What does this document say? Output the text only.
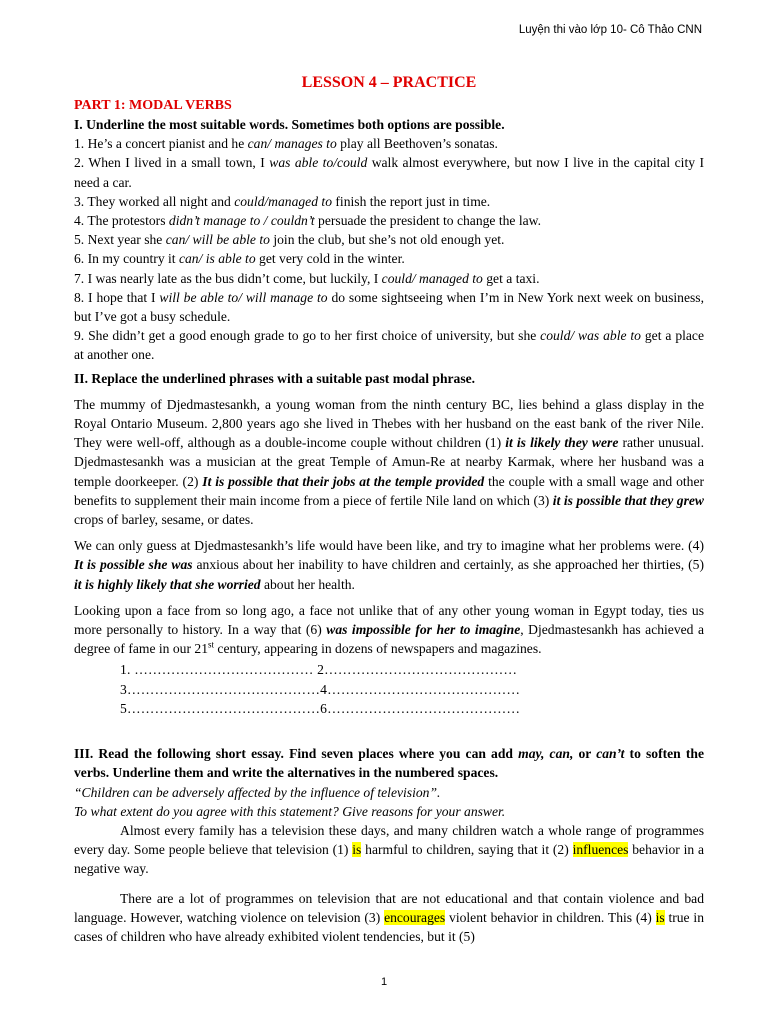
Luyện thi vào lớp 10- Cô Thảo CNN

LESSON 4 – PRACTICE

PART 1: MODAL VERBS

I. Underline the most suitable words. Sometimes both options are possible.

1. He’s a concert pianist and he can/ manages to play all Beethoven’s sonatas.

2. When I lived in a small town, I was able to/could walk almost everywhere, but now I live in the capital city I need a car.

3. They worked all night and could/managed to finish the report just in time.

4. The protestors didn’t manage to / couldn’t persuade the president to change the law.

5. Next year she can/ will be able to join the club, but she’s not old enough yet.

6. In my country it can/ is able to get very cold in the winter.

7. I was nearly late as the bus didn’t come, but luckily, I could/ managed to get a taxi.

8. I hope that I will be able to/ will manage to do some sightseeing when I’m in New York next week on business, but I’ve got a busy schedule.

9. She didn’t get a good enough grade to go to her first choice of university, but she could/ was able to get a place at another one.

II. Replace the underlined phrases with a suitable past modal phrase.

The mummy of Djedmastesankh, a young woman from the ninth century BC, lies behind a glass display in the Royal Ontario Museum. 2,800 years ago she lived in Thebes with her husband on the east bank of the river Nile. They were well-off, although as a double-income couple without children (1) it is likely they were rather unusual. Djedmastesankh was a musician at the great Temple of Amun-Re at nearby Karmak, where her husband was a temple doorkeeper. (2) It is possible that their jobs at the temple provided the couple with a small wage and other benefits to supplement their main income from a piece of fertile Nile land on which (3) it is possible that they grew crops of barley, sesame, or dates.

We can only guess at Djedmastesankh’s life would have been like, and try to imagine what her problems were. (4) It is possible she was anxious about her inability to have children and certainly, as she approached her thirties, (5) it is highly likely that she worried about her health.

Looking upon a face from so long ago, a face not unlike that of any other young woman in Egypt today, ties us more personally to history. In a way that (6) was impossible for her to imagine, Djedmastesankh has achieved a degree of fame in our 21st century, appearing in dozens of newspapers and magazines.

1. ………………………………… 2……………………………………

3……………………………………4……………………………………

5……………………………………6……………………………………

III. Read the following short essay. Find seven places where you can add may, can, or can’t to soften the verbs. Underline them and write the alternatives in the numbered spaces.

“Children can be adversely affected by the influence of television”.

To what extent do you agree with this statement? Give reasons for your answer.

Almost every family has a television these days, and many children watch a whole range of programmes every day. Some people believe that television (1) is harmful to children, saying that it (2) influences behavior in a negative way.

There are a lot of programmes on television that are not educational and that contain violence and bad language. However, watching violence on television (3) encourages violent behavior in children. This (4) is true in cases of children who have already exhibited violent tendencies, but it (5)

1
